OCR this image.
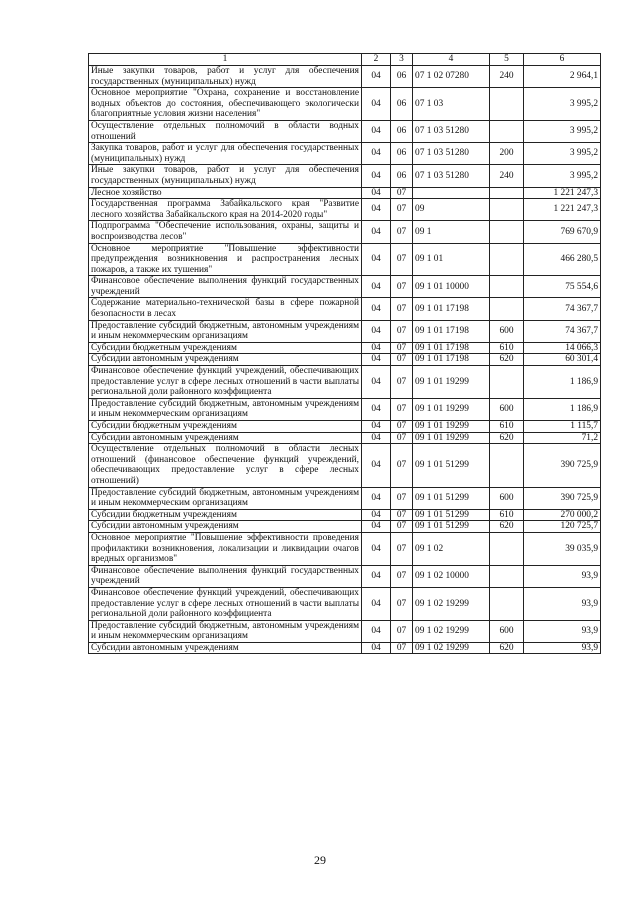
1	2	3	4	5	6
Иные закупки товаров, работ и услуг для обеспечения государственных (муниципальных) нужд	04	06	07 1 02 07280	240	2 964,1
Основное мероприятие "Охрана, сохранение и восстановление водных объектов до состояния, обеспечивающего экологически благоприятные условия жизни населения"	04	06	07 1 03		3 995,2
Осуществление отдельных полномочий в области водных отношений	04	06	07 1 03 51280		3 995,2
Закупка товаров, работ и услуг для обеспечения государственных (муниципальных) нужд	04	06	07 1 03 51280	200	3 995,2
Иные закупки товаров, работ и услуг для обеспечения государственных (муниципальных) нужд	04	06	07 1 03 51280	240	3 995,2
Лесное хозяйство	04	07			1 221 247,3
Государственная программа Забайкальского края "Развитие лесного хозяйства Забайкальского края на 2014-2020 годы"	04	07	09		1 221 247,3
Подпрограмма "Обеспечение использования, охраны, защиты и воспроизводства лесов"	04	07	09 1		769 670,9
Основное мероприятие "Повышение эффективности предупреждения возникновения и распространения лесных пожаров, а также их тушения"	04	07	09 1 01		466 280,5
Финансовое обеспечение выполнения функций государственных учреждений	04	07	09 1 01 10000		75 554,6
Содержание материально-технической базы в сфере пожарной безопасности в лесах	04	07	09 1 01 17198		74 367,7
Предоставление субсидий бюджетным, автономным учреждениям и иным некоммерческим организациям	04	07	09 1 01 17198	600	74 367,7
Субсидии бюджетным учреждениям	04	07	09 1 01 17198	610	14 066,3
Субсидии автономным учреждениям	04	07	09 1 01 17198	620	60 301,4
Финансовое обеспечение функций учреждений, обеспечивающих предоставление услуг в сфере лесных отношений в части выплаты региональной доли районного коэффициента	04	07	09 1 01 19299		1 186,9
Предоставление субсидий бюджетным, автономным учреждениям и иным некоммерческим организациям	04	07	09 1 01 19299	600	1 186,9
Субсидии бюджетным учреждениям	04	07	09 1 01 19299	610	1 115,7
Субсидии автономным учреждениям	04	07	09 1 01 19299	620	71,2
Осуществление отдельных полномочий в области лесных отношений (финансовое обеспечение функций учреждений, обеспечивающих предоставление услуг в сфере лесных отношений)	04	07	09 1 01 51299		390 725,9
Предоставление субсидий бюджетным, автономным учреждениям и иным некоммерческим организациям	04	07	09 1 01 51299	600	390 725,9
Субсидии бюджетным учреждениям	04	07	09 1 01 51299	610	270 000,2
Субсидии автономным учреждениям	04	07	09 1 01 51299	620	120 725,7
Основное мероприятие "Повышение эффективности проведения профилактики возникновения, локализации и ликвидации очагов вредных организмов"	04	07	09 1 02		39 035,9
Финансовое обеспечение выполнения функций государственных учреждений	04	07	09 1 02 10000		93,9
Финансовое обеспечение функций учреждений, обеспечивающих предоставление услуг в сфере лесных отношений в части выплаты региональной доли районного коэффициента	04	07	09 1 02 19299		93,9
Предоставление субсидий бюджетным, автономным учреждениям и иным некоммерческим организациям	04	07	09 1 02 19299	600	93,9
Субсидии автономным учреждениям	04	07	09 1 02 19299	620	93,9
29
